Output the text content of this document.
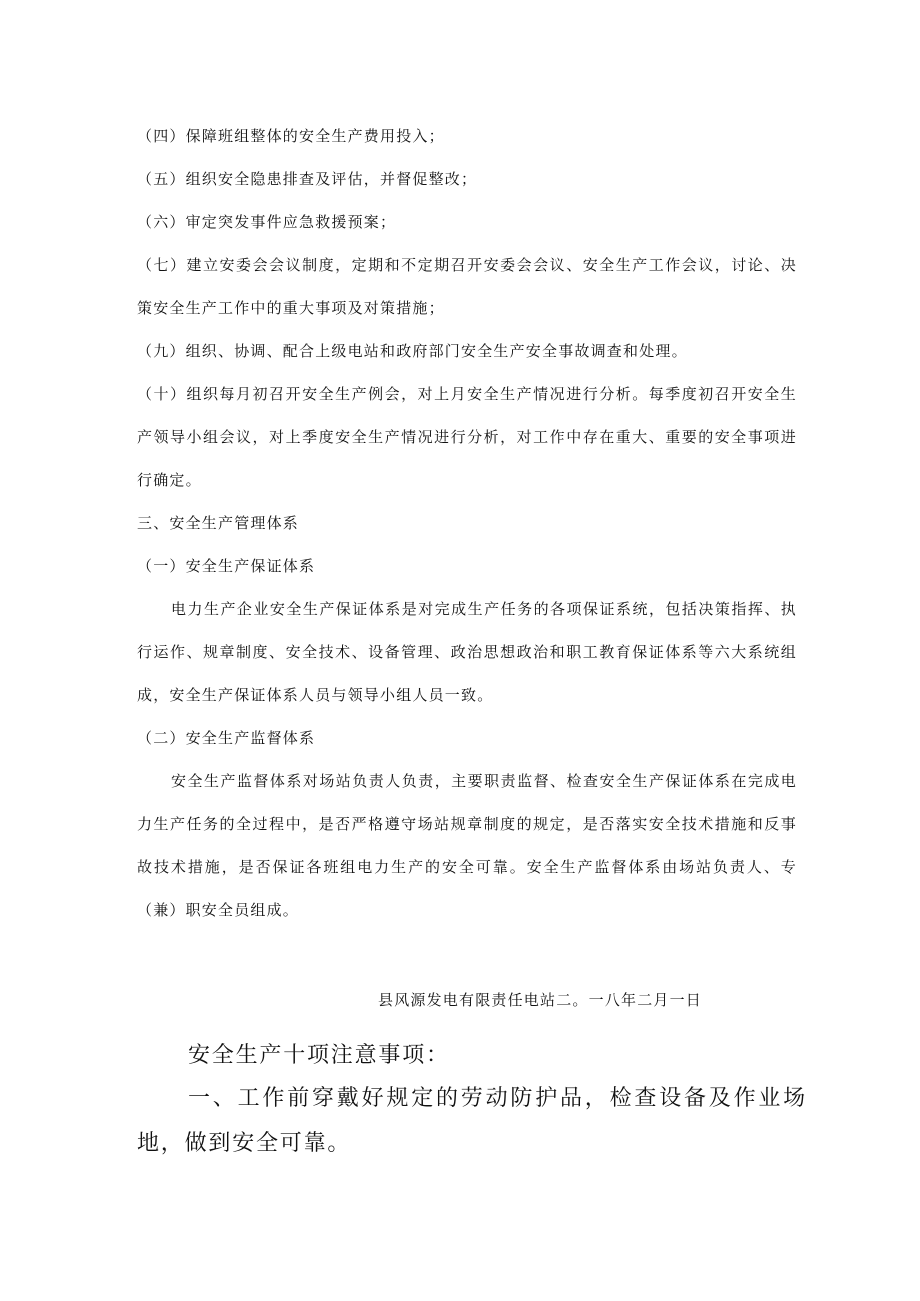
（四）保障班组整体的安全生产费用投入；

（五）组织安全隐患排查及评估，并督促整改；

（六）审定突发事件应急救援预案；

（七）建立安委会会议制度，定期和不定期召开安委会会议、安全生产工作会议，讨论、决策安全生产工作中的重大事项及对策措施；

（九）组织、协调、配合上级电站和政府部门安全生产安全事故调查和处理。

（十）组织每月初召开安全生产例会，对上月安全生产情况进行分析。每季度初召开安全生产领导小组会议，对上季度安全生产情况进行分析，对工作中存在重大、重要的安全事项进行确定。

三、安全生产管理体系

（一）安全生产保证体系

电力生产企业安全生产保证体系是对完成生产任务的各项保证系统，包括决策指挥、执行运作、规章制度、安全技术、设备管理、政治思想政治和职工教育保证体系等六大系统组成，安全生产保证体系人员与领导小组人员一致。

（二）安全生产监督体系

安全生产监督体系对场站负责人负责，主要职责监督、检查安全生产保证体系在完成电力生产任务的全过程中，是否严格遵守场站规章制度的规定，是否落实安全技术措施和反事故技术措施，是否保证各班组电力生产的安全可靠。安全生产监督体系由场站负责人、专（兼）职安全员组成。

县风源发电有限责任电站二。一八年二月一日

安全生产十项注意事项：

一、工作前穿戴好规定的劳动防护品，检查设备及作业场地，做到安全可靠。
